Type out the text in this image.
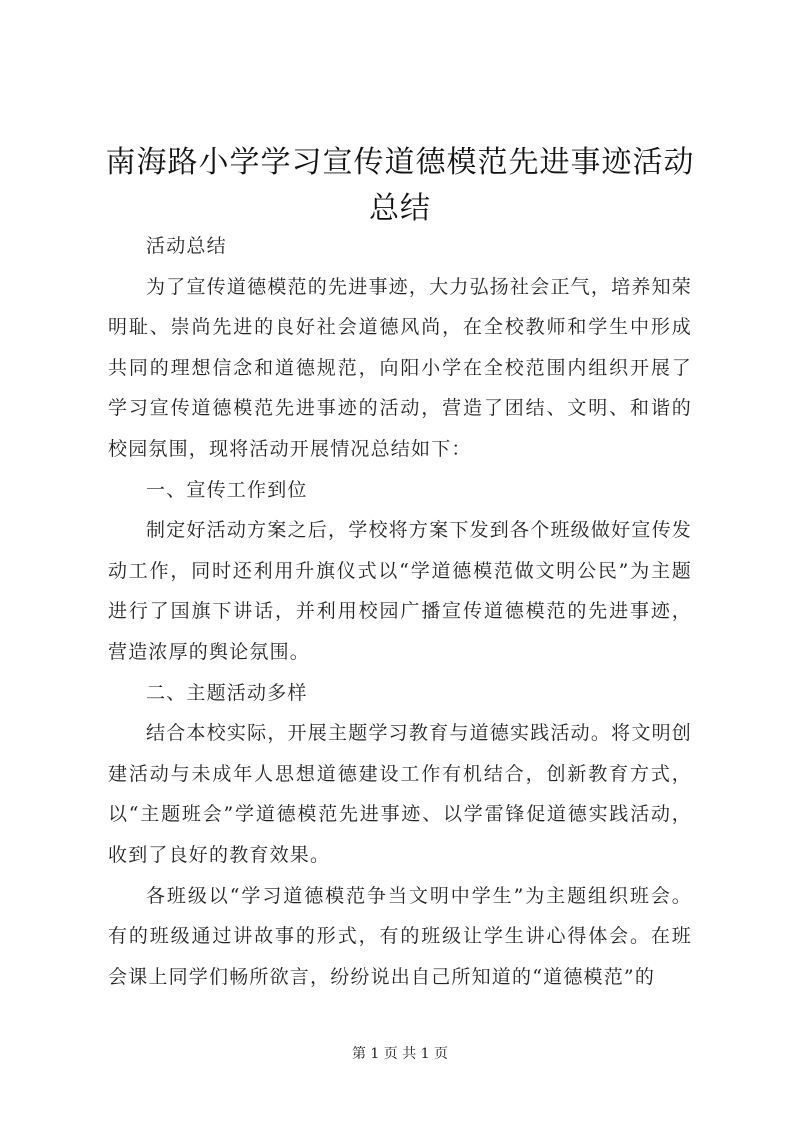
南海路小学学习宣传道德模范先进事迹活动总结

活动总结

为了宣传道德模范的先进事迹，大力弘扬社会正气，培养知荣明耻、崇尚先进的良好社会道德风尚，在全校教师和学生中形成共同的理想信念和道德规范，向阳小学在全校范围内组织开展了学习宣传道德模范先进事迹的活动，营造了团结、文明、和谐的校园氛围，现将活动开展情况总结如下：

一、宣传工作到位

制定好活动方案之后，学校将方案下发到各个班级做好宣传发动工作，同时还利用升旗仪式以“学道德模范做文明公民”为主题进行了国旗下讲话，并利用校园广播宣传道德模范的先进事迹，营造浓厚的舆论氛围。

二、主题活动多样

结合本校实际，开展主题学习教育与道德实践活动。将文明创建活动与未成年人思想道德建设工作有机结合，创新教育方式，以“主题班会”学道德模范先进事迹、以学雷锋促道德实践活动，收到了良好的教育效果。

各班级以“学习道德模范争当文明中学生”为主题组织班会。有的班级通过讲故事的形式，有的班级让学生讲心得体会。在班会课上同学们畅所欲言，纷纷说出自己所知道的“道德模范”的

第 1 页 共 1 页
